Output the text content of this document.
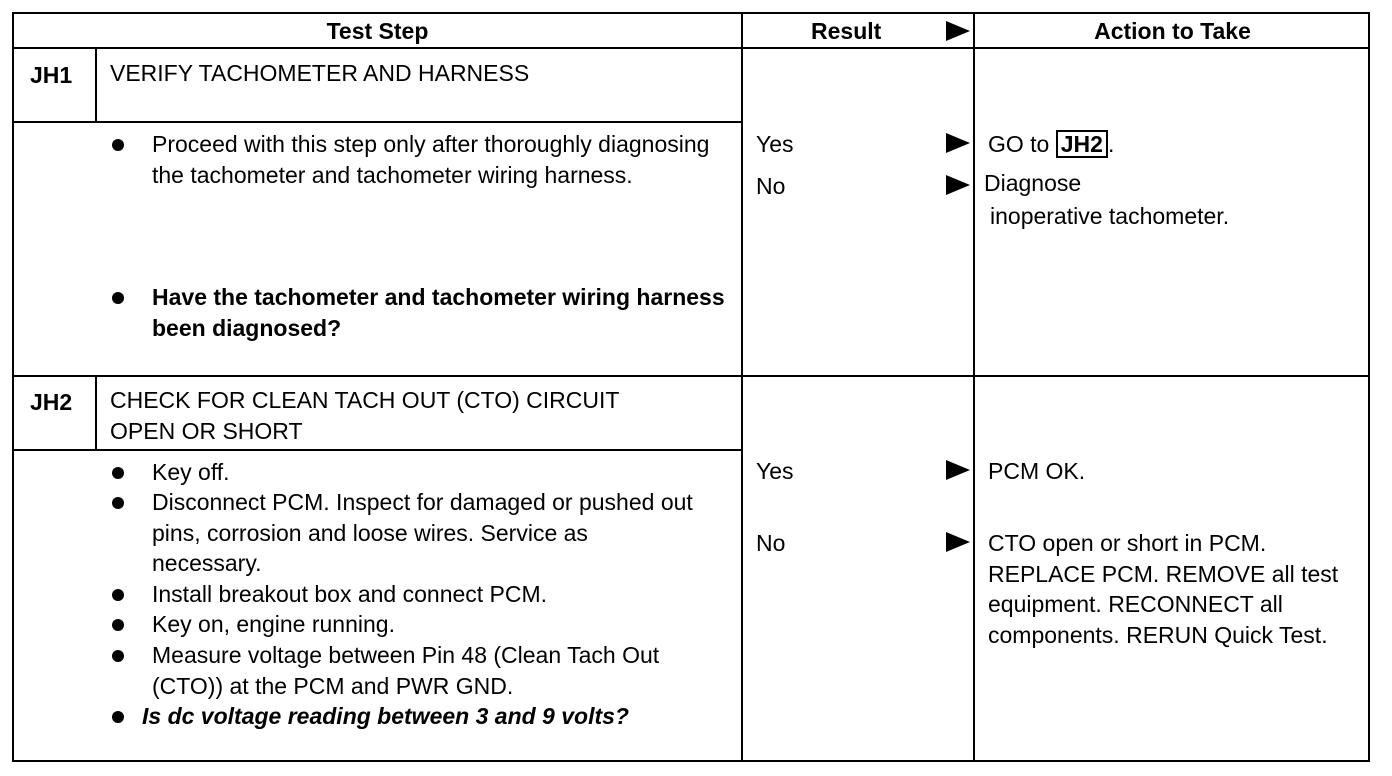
Test Step	Result	Action to Take
JH1 VERIFY TACHOMETER AND HARNESS
Proceed with this step only after thoroughly diagnosing the tachometer and tachometer wiring harness.
Have the tachometer and tachometer wiring harness been diagnosed?
Yes
No
GO to JH2 .
Diagnose
inoperative tachometer.
JH2 CHECK FOR CLEAN TACH OUT (CTO) CIRCUIT
OPEN OR SHORT
Key off.
Disconnect PCM. Inspect for damaged or pushed out pins, corrosion and loose wires. Service as necessary.
Install breakout box and connect PCM.
Key on, engine running.
Measure voltage between Pin 48 (Clean Tach Out (CTO)) at the PCM and PWR GND.
Is dc voltage reading between 3 and 9 volts?
Yes
No
PCM OK.
CTO open or short in PCM. REPLACE PCM. REMOVE all test equipment. RECONNECT all components. RERUN Quick Test.
